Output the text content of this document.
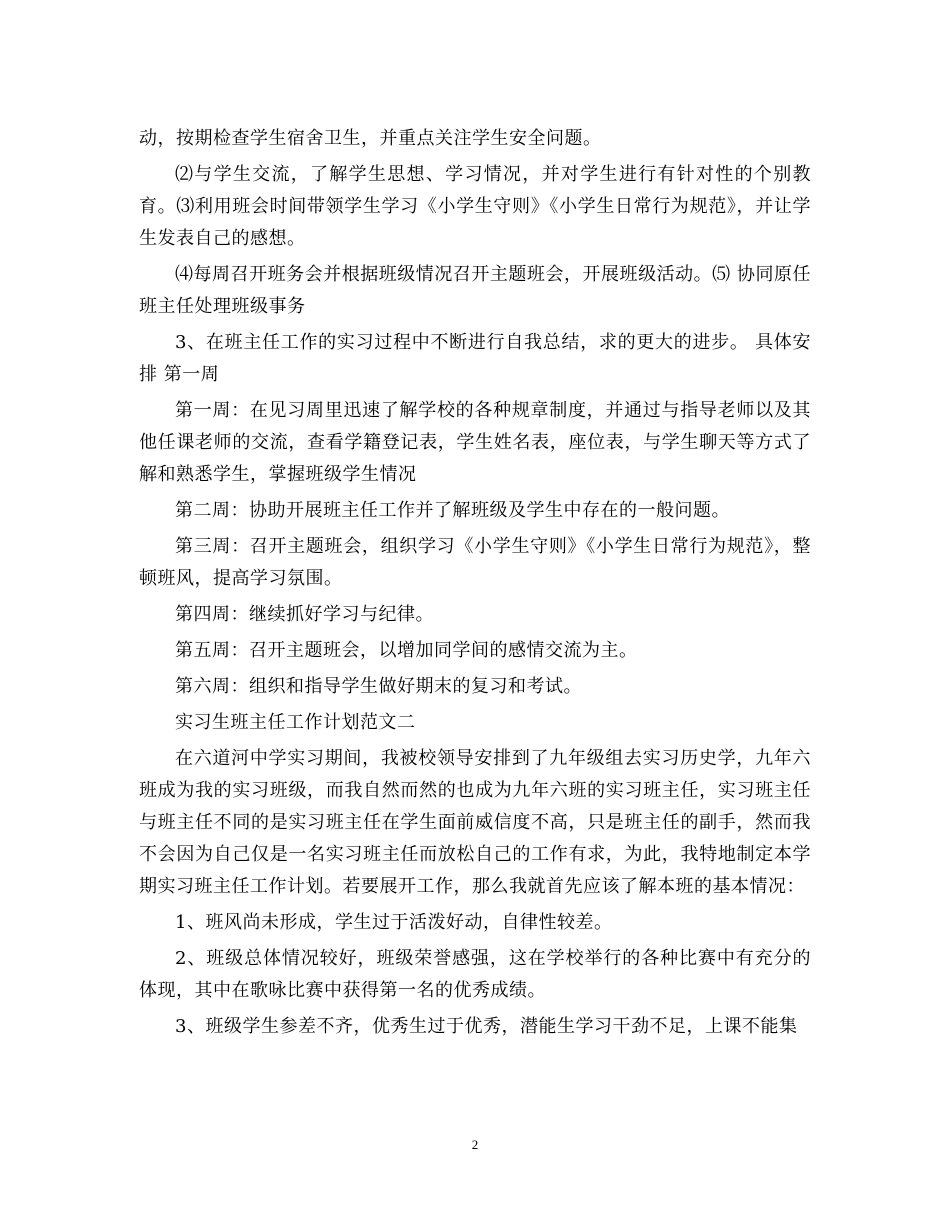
动，按期检查学生宿舍卫生，并重点关注学生安全问题。

⑵与学生交流，了解学生思想、学习情况，并对学生进行有针对性的个别教育。⑶利用班会时间带领学生学习《小学生守则》《小学生日常行为规范》，并让学生发表自己的感想。

⑷每周召开班务会并根据班级情况召开主题班会，开展班级活动。⑸ 协同原任班主任处理班级事务

3、在班主任工作的实习过程中不断进行自我总结，求的更大的进步。 具体安排 第一周

第一周：在见习周里迅速了解学校的各种规章制度，并通过与指导老师以及其他任课老师的交流，查看学籍登记表，学生姓名表，座位表，与学生聊天等方式了解和熟悉学生，掌握班级学生情况

第二周：协助开展班主任工作并了解班级及学生中存在的一般问题。

第三周：召开主题班会，组织学习《小学生守则》《小学生日常行为规范》，整顿班风，提高学习氛围。

第四周：继续抓好学习与纪律。

第五周：召开主题班会，以增加同学间的感情交流为主。

第六周：组织和指导学生做好期末的复习和考试。

实习生班主任工作计划范文二

在六道河中学实习期间，我被校领导安排到了九年级组去实习历史学，九年六班成为我的实习班级，而我自然而然的也成为九年六班的实习班主任，实习班主任与班主任不同的是实习班主任在学生面前威信度不高，只是班主任的副手，然而我不会因为自己仅是一名实习班主任而放松自己的工作有求，为此，我特地制定本学期实习班主任工作计划。若要展开工作，那么我就首先应该了解本班的基本情况：

1、班风尚未形成，学生过于活泼好动，自律性较差。

2、班级总体情况较好，班级荣誉感强，这在学校举行的各种比赛中有充分的体现，其中在歌咏比赛中获得第一名的优秀成绩。

3、班级学生参差不齐，优秀生过于优秀，潜能生学习干劲不足，上课不能集

2
